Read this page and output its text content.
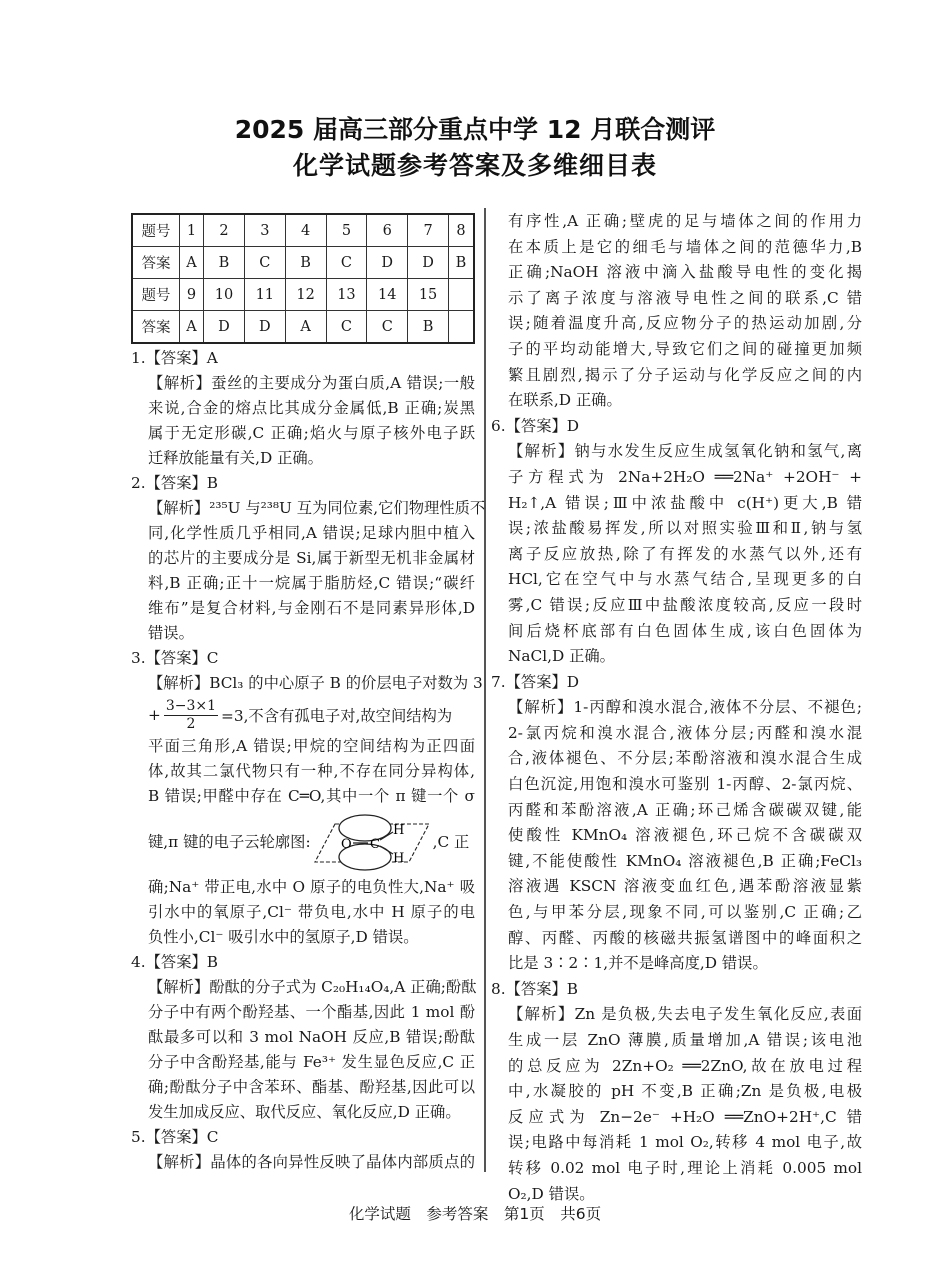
2025 届高三部分重点中学 12 月联合测评
化学试题参考答案及多维细目表
题号	1	2	3	4	5	6	7	8
答案	A	B	C	B	C	D	D	B
题号	9	10	11	12	13	14	15	
答案	A	D	D	A	C	C	B	
1.【答案】A
【解析】蚕丝的主要成分为蛋白质,A 错误;一般
来说,合金的熔点比其成分金属低,B 正确;炭黑
属于无定形碳,C 正确;焰火与原子核外电子跃
迁释放能量有关,D 正确。
2.【答案】B
【解析】²³⁵U 与²³⁸U 互为同位素,它们物理性质不
同,化学性质几乎相同,A 错误;足球内胆中植入
的芯片的主要成分是 Si,属于新型无机非金属材
料,B 正确;正十一烷属于脂肪烃,C 错误;“碳纤
维布”是复合材料,与金刚石不是同素异形体,D
错误。
3.【答案】C
【解析】BCl₃ 的中心原子 B 的价层电子对数为 3
+ $\frac{3-3\times 1}{2} =3$,不含有孤电子对,故空间结构为
平面三角形,A 错误;甲烷的空间结构为正四面
体,故其二氯代物只有一种,不存在同分异构体,
B 错误;甲醛中存在 C═O,其中一个 π 键一个 σ
键,π 键的电子云轮廓图: O C
H
H
,C 正
确;Na⁺ 带正电,水中 O 原子的电负性大,Na⁺ 吸
引水中的氧原子,Cl⁻ 带负电,水中 H 原子的电
负性小,Cl⁻ 吸引水中的氢原子,D 错误。
4.【答案】B
【解析】酚酞的分子式为 C₂₀H₁₄O₄,A 正确;酚酞
分子中有两个酚羟基、一个酯基,因此 1 mol 酚
酞最多可以和 3 mol NaOH 反应,B 错误;酚酞
分子中含酚羟基,能与 Fe³⁺ 发生显色反应,C 正
确;酚酞分子中含苯环、酯基、酚羟基,因此可以
发生加成反应、取代反应、氧化反应,D 正确。
5.【答案】C
【解析】晶体的各向异性反映了晶体内部质点的
有序性,A 正确;壁虎的足与墙体之间的作用力
在本质上是它的细毛与墙体之间的范德华力,B
正确;NaOH 溶液中滴入盐酸导电性的变化揭
示了离子浓度与溶液导电性之间的联系,C 错
误;随着温度升高,反应物分子的热运动加剧,分
子的平均动能增大,导致它们之间的碰撞更加频
繁且剧烈,揭示了分子运动与化学反应之间的内
在联系,D 正确。
6.【答案】D
【解析】钠与水发生反应生成氢氧化钠和氢气,离
子方程式为 2Na+2H₂O ══2Na⁺ +2OH⁻ +
H₂↑,A 错误;Ⅲ中浓盐酸中 c(H⁺)更大,B 错
误;浓盐酸易挥发,所以对照实验Ⅲ和Ⅱ,钠与氢
离子反应放热,除了有挥发的水蒸气以外,还有
HCl,它在空气中与水蒸气结合,呈现更多的白
雾,C 错误;反应Ⅲ中盐酸浓度较高,反应一段时
间后烧杯底部有白色固体生成,该白色固体为
NaCl,D 正确。
7.【答案】D
【解析】1-丙醇和溴水混合,液体不分层、不褪色;
2-氯丙烷和溴水混合,液体分层;丙醛和溴水混
合,液体褪色、不分层;苯酚溶液和溴水混合生成
白色沉淀,用饱和溴水可鉴别 1-丙醇、2-氯丙烷、
丙醛和苯酚溶液,A 正确;环己烯含碳碳双键,能
使酸性 KMnO₄ 溶液褪色,环己烷不含碳碳双
键,不能使酸性 KMnO₄ 溶液褪色,B 正确;FeCl₃
溶液遇 KSCN 溶液变血红色,遇苯酚溶液显紫
色,与甲苯分层,现象不同,可以鉴别,C 正确;乙
醇、丙醛、丙酸的核磁共振氢谱图中的峰面积之
比是 3∶2∶1,并不是峰高度,D 错误。
8.【答案】B
【解析】Zn 是负极,失去电子发生氧化反应,表面
生成一层 ZnO 薄膜,质量增加,A 错误;该电池
的总反应为 2Zn+O₂ ══2ZnO,故在放电过程
中,水凝胶的 pH 不变,B 正确;Zn 是负极,电极
反应式为 Zn−2e⁻ +H₂O ══ZnO+2H⁺,C 错
误;电路中每消耗 1 mol O₂,转移 4 mol 电子,故
转移 0.02 mol 电子时,理论上消耗 0.005 mol
O₂,D 错误。
化学试题　参考答案　第1页　共6页
